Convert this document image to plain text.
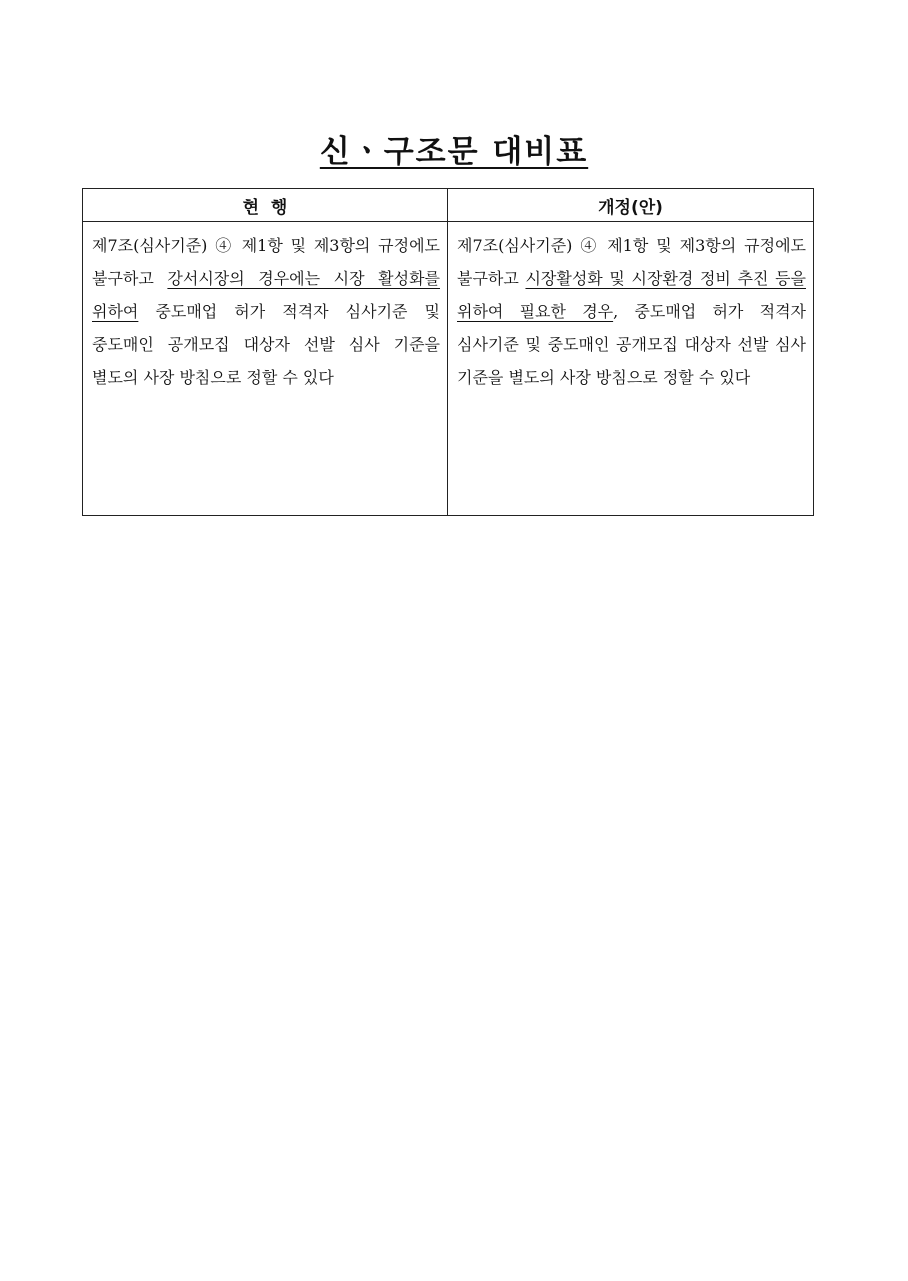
신ㆍ구조문 대비표
현  행	개정(안)
제7조(심사기준) ④ 제1항 및 제3항의 규정에도 불구하고 강서시장의 경우에는 시장 활성화를 위하여 중도매업 허가 적격자 심사기준 및 중도매인 공개모집 대상자 선발 심사 기준을 별도의 사장 방침으로 정할 수 있다	제7조(심사기준) ④ 제1항 및 제3항의 규정에도 불구하고 시장활성화 및 시장환경 정비 추진 등을 위하여 필요한 경우, 중도매업 허가 적격자 심사기준 및 중도매인 공개모집 대상자 선발 심사 기준을 별도의 사장 방침으로 정할 수 있다
